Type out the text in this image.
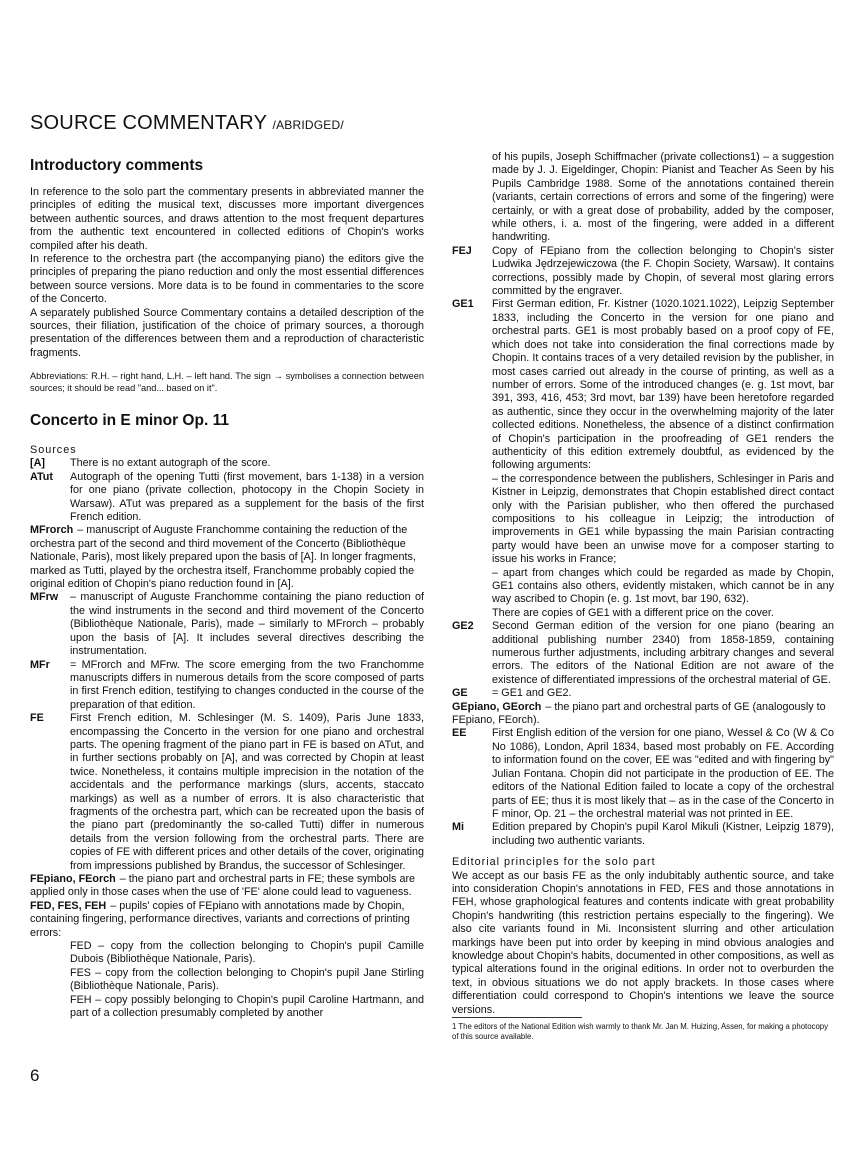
SOURCE COMMENTARY /ABRIDGED/
Introductory comments

In reference to the solo part the commentary presents in abbreviated manner the principles of editing the musical text, discusses more important divergences between authentic sources, and draws attention to the most frequent departures from the authentic text encountered in collected editions of Chopin's works compiled after his death.

In reference to the orchestra part (the accompanying piano) the editors give the principles of preparing the piano reduction and only the most essential differences between source versions. More data is to be found in commentaries to the score of the Concerto.

A separately published Source Commentary contains a detailed description of the sources, their filiation, justification of the choice of primary sources, a thorough presentation of the differences between them and a reproduction of characteristic fragments.

Abbreviations: R.H. – right hand, L.H. – left hand. The sign → symbolises a connection between sources; it should be read "and... based on it".

Concerto in E minor Op. 11

Sources

[A]	There is no extant autograph of the score.
ATut	Autograph of the opening Tutti (first movement, bars 1-138) in a version for one piano (private collection, photocopy in the Chopin Society in Warsaw). ATut was prepared as a supplement for the basis of the first French edition.
MFrorch – manuscript of Auguste Franchomme containing the reduction of the orchestra part of the second and third movement of the Concerto (Bibliothèque Nationale, Paris), most likely prepared upon the basis of [A]. In longer fragments, marked as Tutti, played by the orchestra itself, Franchomme probably copied the original edition of Chopin's piano reduction found in [A].
MFrw	– manuscript of Auguste Franchomme containing the piano reduction of the wind instruments in the second and third movement of the Concerto (Bibliothèque Nationale, Paris), made – similarly to MFrorch – probably upon the basis of [A]. It includes several directives describing the instrumentation.
MFr	= MFrorch and MFrw. The score emerging from the two Franchomme manuscripts differs in numerous details from the score composed of parts in first French edition, testifying to changes conducted in the course of the preparation of that edition.
FE	First French edition, M. Schlesinger (M. S. 1409), Paris June 1833, encompassing the Concerto in the version for one piano and orchestral parts. The opening fragment of the piano part in FE is based on ATut, and in further sections probably on [A], and was corrected by Chopin at least twice. Nonetheless, it contains multiple imprecision in the notation of the accidentals and the performance markings (slurs, accents, staccato markings) as well as a number of errors. It is also characteristic that fragments of the orchestra part, which can be recreated upon the basis of the piano part (predominantly the so-called Tutti) differ in numerous details from the version following from the orchestral parts. There are copies of FE with different prices and other details of the cover, originating from impressions published by Brandus, the successor of Schlesinger.
FEpiano, FEorch – the piano part and orchestral parts in FE; these symbols are applied only in those cases when the use of 'FE' alone could lead to vagueness.
FED, FES, FEH – pupils' copies of FEpiano with annotations made by Chopin, containing fingering, performance directives, variants and corrections of printing errors:
FED – copy from the collection belonging to Chopin's pupil Camille Dubois (Bibliothèque Nationale, Paris).
FES – copy from the collection belonging to Chopin's pupil Jane Stirling (Bibliothèque Nationale, Paris).
FEH – copy possibly belonging to Chopin's pupil Caroline Hartmann, and part of a collection presumably completed by another
of his pupils, Joseph Schiffmacher (private collections1) – a suggestion made by J. J. Eigeldinger, Chopin: Pianist and Teacher As Seen by his Pupils Cambridge 1988. Some of the annotations contained therein (variants, certain corrections of errors and some of the fingering) were certainly, or with a great dose of probability, added by the composer, while others, i. a. most of the fingering, were added in a different handwriting.
FEJ	Copy of FEpiano from the collection belonging to Chopin's sister Ludwika Jędrzejewiczowa (the F. Chopin Society, Warsaw). It contains corrections, possibly made by Chopin, of several most glaring errors committed by the engraver.
GE1	First German edition, Fr. Kistner (1020.1021.1022), Leipzig September 1833, including the Concerto in the version for one piano and orchestral parts. GE1 is most probably based on a proof copy of FE, which does not take into consideration the final corrections made by Chopin. It contains traces of a very detailed revision by the publisher, in most cases carried out already in the course of printing, as well as a number of errors. Some of the introduced changes (e. g. 1st movt, bar 391, 393, 416, 453; 3rd movt, bar 139) have been heretofore regarded as authentic, since they occur in the overwhelming majority of the later collected editions. Nonetheless, the absence of a distinct confirmation of Chopin's participation in the proofreading of GE1 renders the authenticity of this edition extremely doubtful, as evidenced by the following arguments:
– the correspondence between the publishers, Schlesinger in Paris and Kistner in Leipzig, demonstrates that Chopin established direct contact only with the Parisian publisher, who then offered the purchased compositions to his colleague in Leipzig; the introduction of improvements in GE1 while bypassing the main Parisian contracting party would have been an unwise move for a composer starting to issue his works in France;
– apart from changes which could be regarded as made by Chopin, GE1 contains also others, evidently mistaken, which cannot be in any way ascribed to Chopin (e. g. 1st movt, bar 190, 632).
There are copies of GE1 with a different price on the cover.
GE2	Second German edition of the version for one piano (bearing an additional publishing number 2340) from 1858-1859, containing numerous further adjustments, including arbitrary changes and several errors. The editors of the National Edition are not aware of the existence of differentiated impressions of the orchestral material of GE.
GE	= GE1 and GE2.
GEpiano, GEorch – the piano part and orchestral parts of GE (analogously to FEpiano, FEorch).
EE	First English edition of the version for one piano, Wessel & Co (W & Co No 1086), London, April 1834, based most probably on FE. According to information found on the cover, EE was "edited and with fingering by" Julian Fontana. Chopin did not participate in the production of EE. The editors of the National Edition failed to locate a copy of the orchestral parts of EE; thus it is most likely that – as in the case of the Concerto in F minor, Op. 21 – the orchestral material was not printed in EE.
Mi	Edition prepared by Chopin's pupil Karol Mikuli (Kistner, Leipzig 1879), including two authentic variants.

Editorial principles for the solo part

We accept as our basis FE as the only indubitably authentic source, and take into consideration Chopin's annotations in FED, FES and those annotations in FEH, whose graphological features and contents indicate with great probability Chopin's handwriting (this restriction pertains especially to the fingering). We also cite variants found in Mi. Inconsistent slurring and other articulation markings have been put into order by keeping in mind obvious analogies and knowledge about Chopin's habits, documented in other compositions, as well as typical alterations found in the original editions. In order not to overburden the text, in obvious situations we do not apply brackets. In those cases where differentiation could correspond to Chopin's intentions we leave the source versions.

1 The editors of the National Edition wish warmly to thank Mr. Jan M. Huizing, Assen, for making a photocopy of this source available.
6
